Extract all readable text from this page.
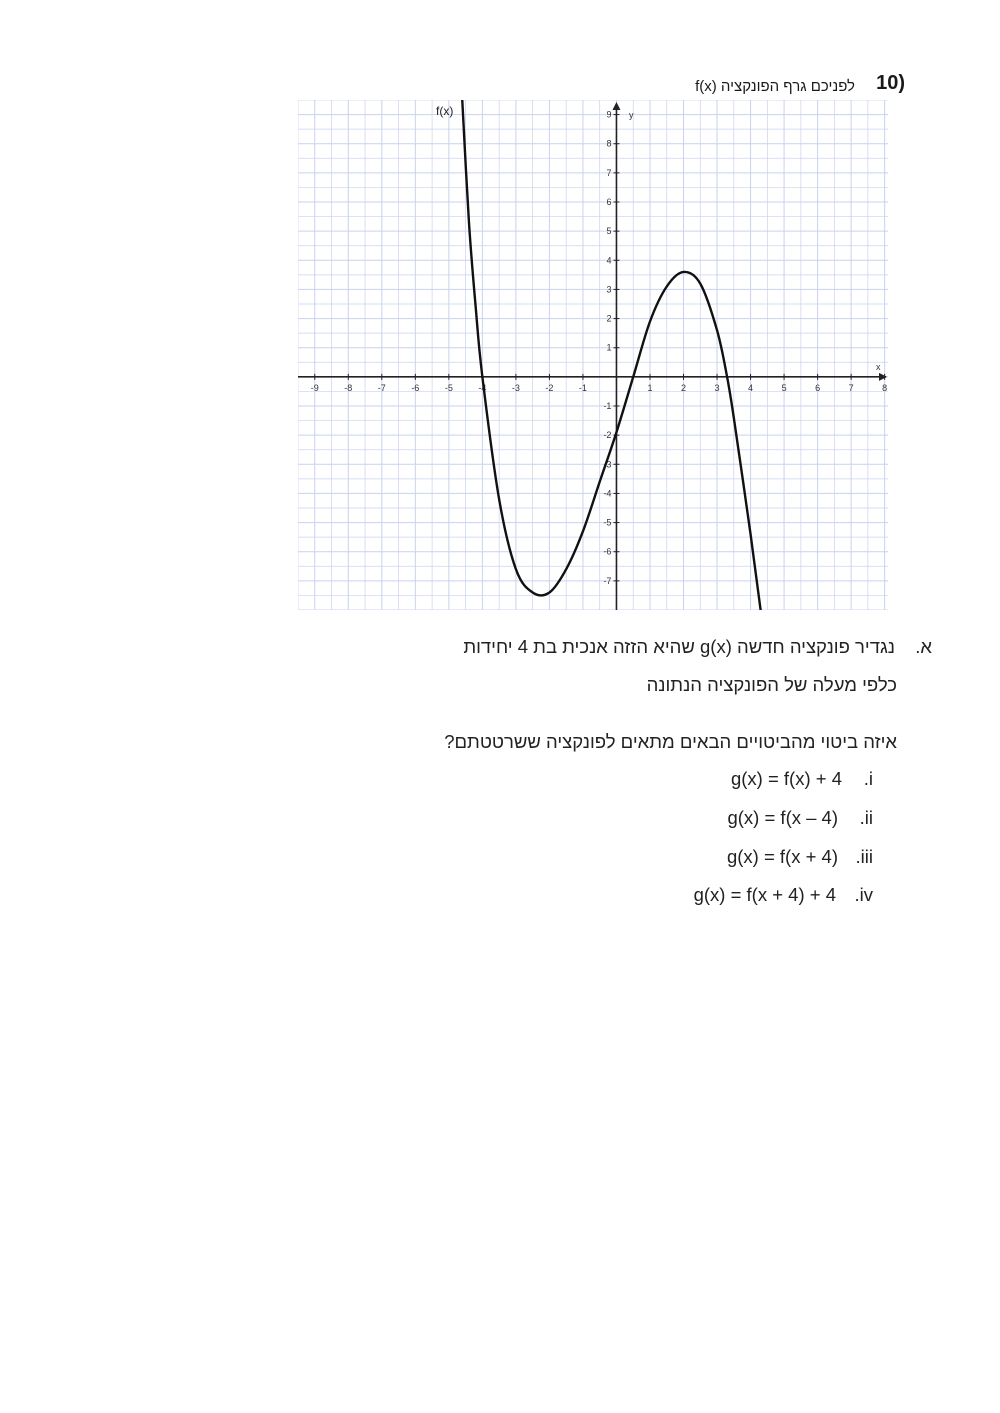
10)
לפניכם גרף הפונקציה f(x)
-9	-8	-7	-6	-5	-4	-3	-2	-1	1	2	3	4	5	6	7	8
9
8
7
6
5
4
3
2
1
-1
-2
-3
-4
-5
-6
-7
f(x)
x
y
א.
נגדיר פונקציה חדשה g(x) שהיא הזזה אנכית בת 4 יחידות
כלפי מעלה של הפונקציה הנתונה
איזה ביטוי מהביטויים הבאים מתאים לפונקציה ששרטטתם?
.i
g(x) = f(x) + 4
.ii
g(x) = f(x – 4)
.iii
g(x) = f(x + 4)
.iv
g(x) = f(x + 4) + 4
